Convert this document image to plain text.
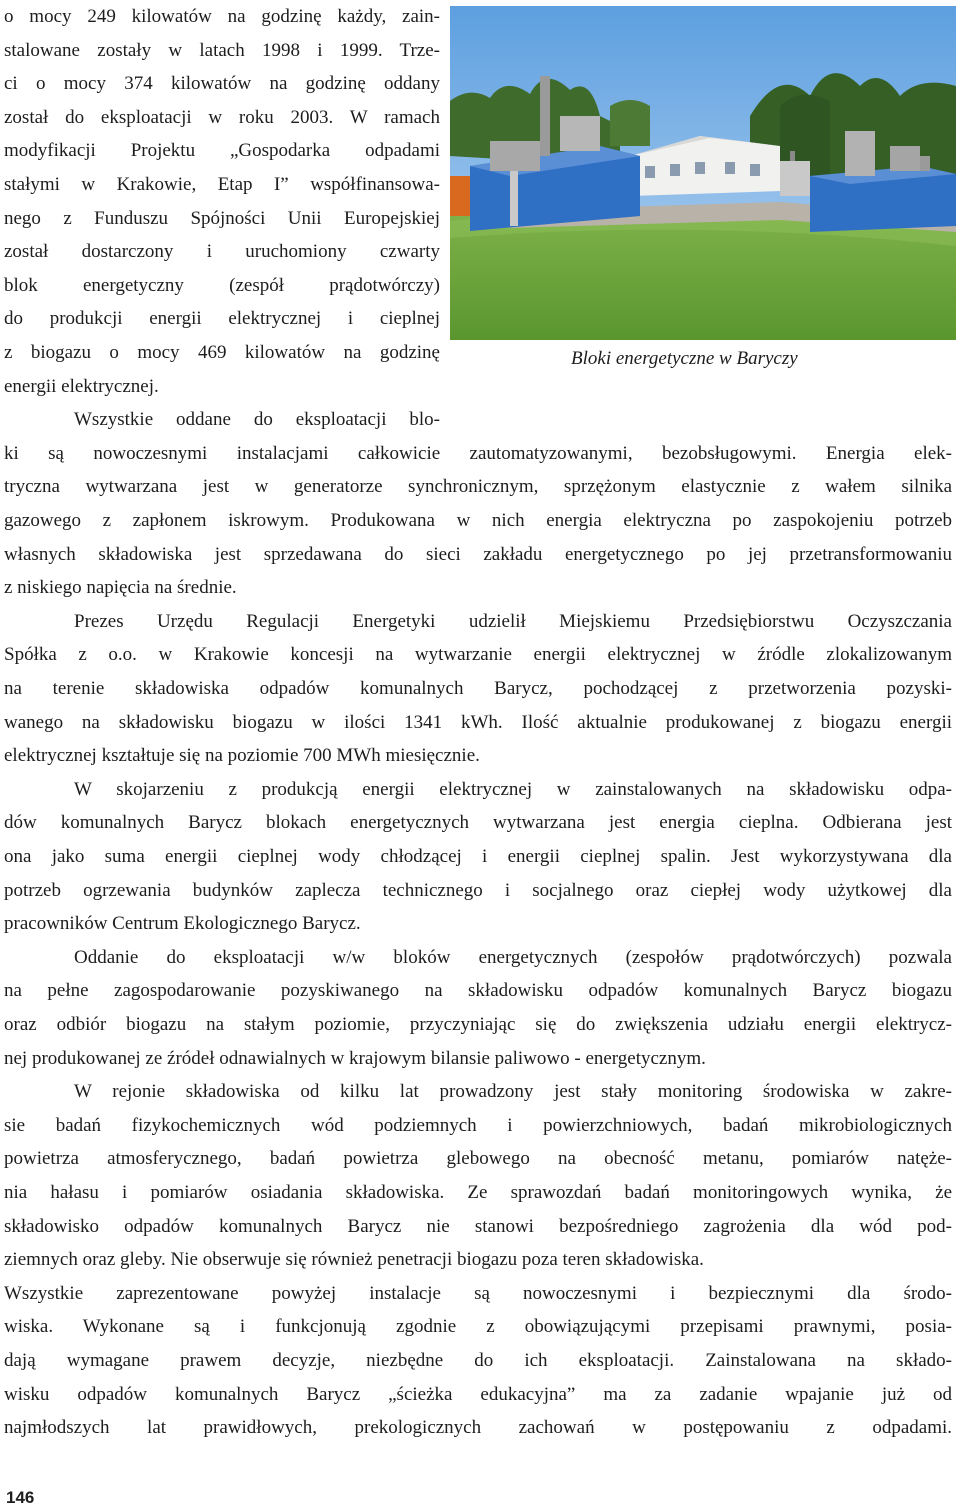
o mocy 249 kilowatów na godzinę każdy, zain-
stalowane zostały w latach 1998 i 1999. Trze-
ci o mocy 374 kilowatów na godzinę oddany
został do eksploatacji w roku 2003. W ramach
modyfikacji Projektu „Gospodarka odpadami
stałymi w Krakowie, Etap I” współfinansowa-
nego z Funduszu Spójności Unii Europejskiej
został dostarczony i uruchomiony czwarty
blok energetyczny (zespół prądotwórczy)
do produkcji energii elektrycznej i cieplnej
z biogazu o mocy 469 kilowatów na godzinę
energii elektrycznej.
Wszystkie oddane do eksploatacji blo-
ki są nowoczesnymi instalacjami całkowicie zautomatyzowanymi, bezobsługowymi. Energia elek-
tryczna wytwarzana jest w generatorze synchronicznym, sprzężonym elastycznie z wałem silnika
gazowego z zapłonem iskrowym. Produkowana w nich energia elektryczna po zaspokojeniu potrzeb
własnych składowiska jest sprzedawana do sieci zakładu energetycznego po jej przetransformowaniu
z niskiego napięcia na średnie.
Prezes Urzędu Regulacji Energetyki udzielił Miejskiemu Przedsiębiorstwu Oczyszczania
Spółka z o.o. w Krakowie koncesji na wytwarzanie energii elektrycznej w źródle zlokalizowanym
na terenie składowiska odpadów komunalnych Barycz, pochodzącej z przetworzenia pozyski-
wanego na składowisku biogazu w ilości 1341 kWh. Ilość aktualnie produkowanej z biogazu energii
elektrycznej kształtuje się na poziomie 700 MWh miesięcznie.
W skojarzeniu z produkcją energii elektrycznej w zainstalowanych na składowisku odpa-
dów komunalnych Barycz blokach energetycznych wytwarzana jest energia cieplna. Odbierana jest
ona jako suma energii cieplnej wody chłodzącej i energii cieplnej spalin. Jest wykorzystywana dla
potrzeb ogrzewania budynków zaplecza technicznego i socjalnego oraz ciepłej wody użytkowej dla
pracowników Centrum Ekologicznego Barycz.
Oddanie do eksploatacji w/w bloków energetycznych (zespołów prądotwórczych) pozwala
na pełne zagospodarowanie pozyskiwanego na składowisku odpadów komunalnych Barycz biogazu
oraz odbiór biogazu na stałym poziomie, przyczyniając się do zwiększenia udziału energii elektrycz-
nej produkowanej ze źródeł odnawialnych w krajowym bilansie paliwowo - energetycznym.
W rejonie składowiska od kilku lat prowadzony jest stały monitoring środowiska w zakre-
sie badań fizykochemicznych wód podziemnych i powierzchniowych, badań mikrobiologicznych
powietrza atmosferycznego, badań powietrza glebowego na obecność metanu, pomiarów natęże-
nia hałasu i pomiarów osiadania składowiska. Ze sprawozdań badań monitoringowych wynika, że
składowisko odpadów komunalnych Barycz nie stanowi bezpośredniego zagrożenia dla wód pod-
ziemnych oraz gleby. Nie obserwuje się również penetracji biogazu poza teren składowiska.
Wszystkie zaprezentowane powyżej instalacje są nowoczesnymi i bezpiecznymi dla środo-
wiska. Wykonane są i funkcjonują zgodnie z obowiązującymi przepisami prawnymi, posia-
dają wymagane prawem decyzje, niezbędne do ich eksploatacji. Zainstalowana na składo-
wisku odpadów komunalnych Barycz „ścieżka edukacyjna” ma za zadanie wpajanie już od
najmłodszych lat prawidłowych, prekologicznych zachowań w postępowaniu z odpadami.
Bloki energetyczne w Baryczy
146
